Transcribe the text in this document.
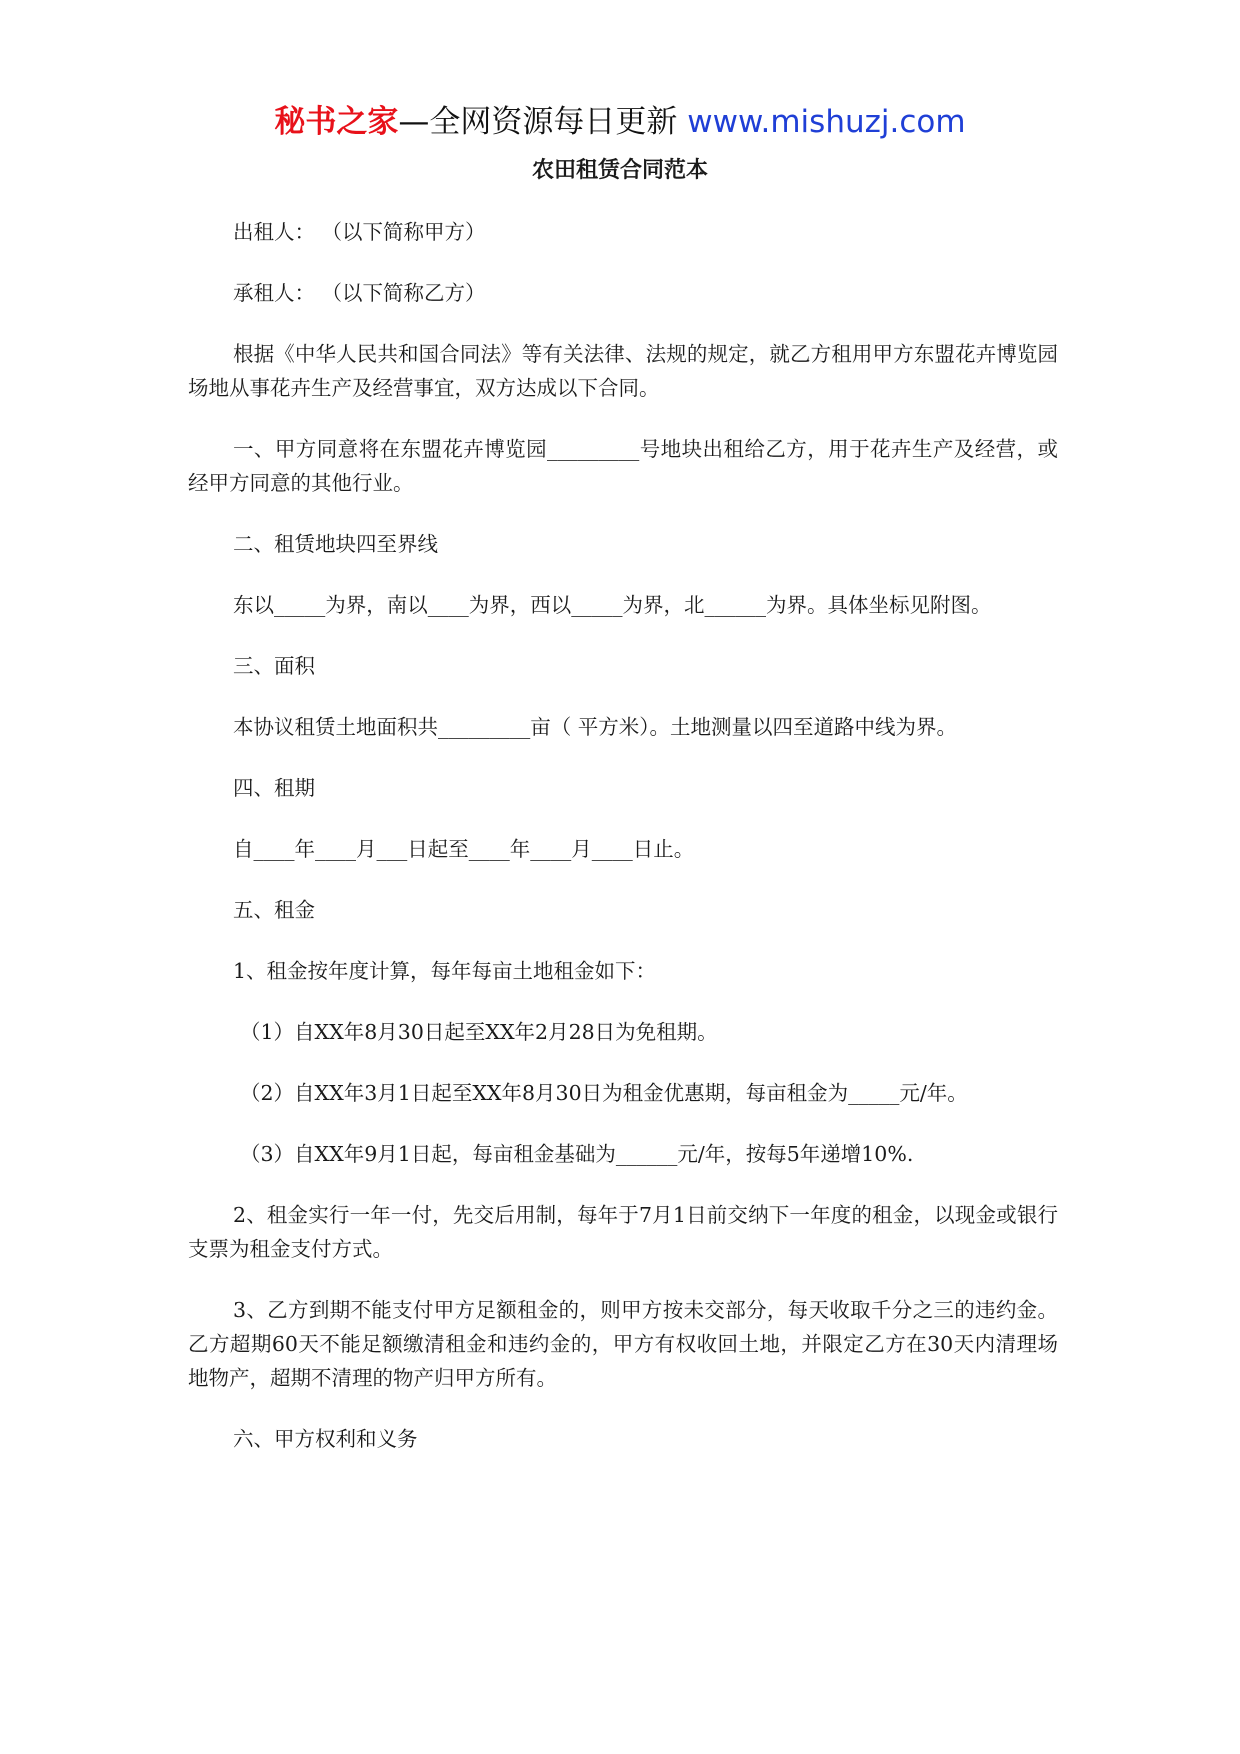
秘书之家—全网资源每日更新 www.mishuzj.com
农田租赁合同范本

出租人： （以下简称甲方）

承租人： （以下简称乙方）

根据《中华人民共和国合同法》等有关法律、法规的规定，就乙方租用甲方东盟花卉博览园场地从事花卉生产及经营事宜，双方达成以下合同。

一、甲方同意将在东盟花卉博览园_________号地块出租给乙方，用于花卉生产及经营，或经甲方同意的其他行业。

二、租赁地块四至界线

东以_____为界，南以____为界，西以_____为界，北______为界。具体坐标见附图。

三、面积

本协议租赁土地面积共_________亩（ 平方米）。土地测量以四至道路中线为界。

四、租期

自____年____月___日起至____年____月____日止。

五、租金

1、租金按年度计算，每年每亩土地租金如下：

（1）自XX年8月30日起至XX年2月28日为免租期。

（2）自XX年3月1日起至XX年8月30日为租金优惠期，每亩租金为_____元/年。

（3）自XX年9月1日起，每亩租金基础为______元/年，按每5年递增10%.

2、租金实行一年一付，先交后用制，每年于7月1日前交纳下一年度的租金，以现金或银行支票为租金支付方式。

3、乙方到期不能支付甲方足额租金的，则甲方按未交部分，每天收取千分之三的违约金。乙方超期60天不能足额缴清租金和违约金的，甲方有权收回土地，并限定乙方在30天内清理场地物产，超期不清理的物产归甲方所有。

六、甲方权利和义务
